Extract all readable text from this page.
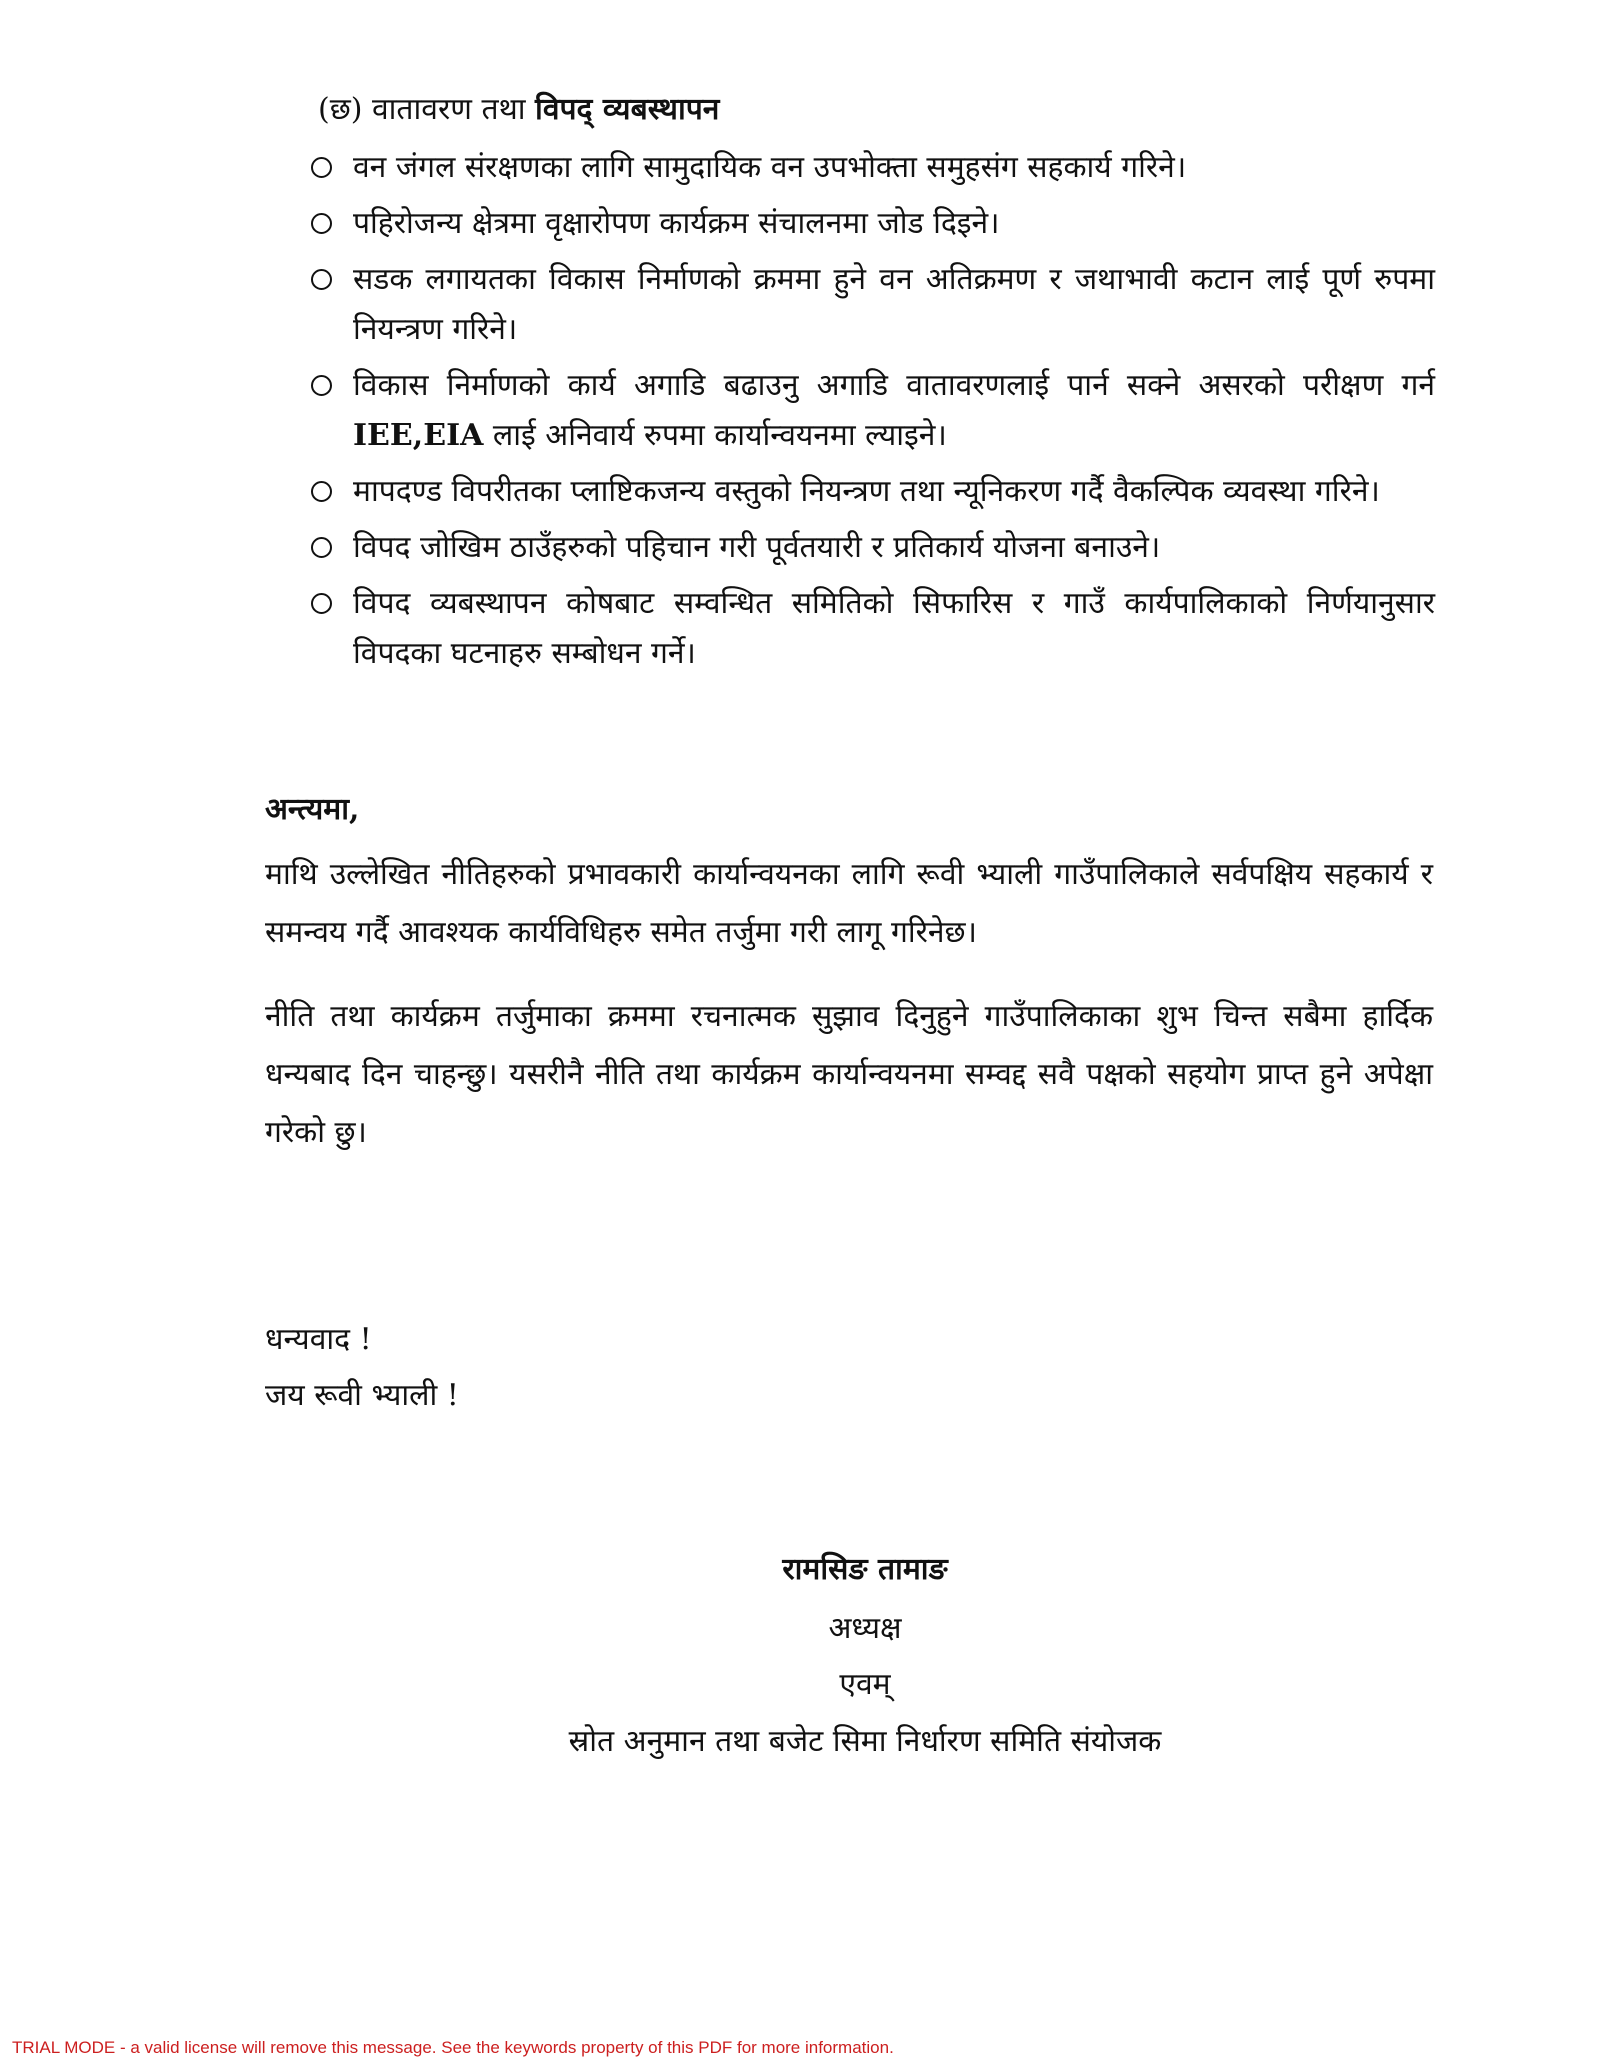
(छ) वातावरण तथा विपद् व्यबस्थापन
वन जंगल संरक्षणका लागि सामुदायिक वन उपभोक्ता समुहसंग सहकार्य गरिने।
पहिरोजन्य क्षेत्रमा वृक्षारोपण कार्यक्रम संचालनमा जोड दिइने।
सडक लगायतका विकास निर्माणको क्रममा हुने वन अतिक्रमण र जथाभावी कटान लाई पूर्ण रुपमा नियन्त्रण गरिने।
विकास निर्माणको कार्य अगाडि बढाउनु अगाडि वातावरणलाई पार्न सक्ने असरको परीक्षण गर्न IEE,EIA लाई अनिवार्य रुपमा कार्यान्वयनमा ल्याइने।
मापदण्ड विपरीतका प्लाष्टिकजन्य वस्तुको नियन्त्रण तथा न्यूनिकरण गर्दै वैकल्पिक व्यवस्था गरिने।
विपद जोखिम ठाउँहरुको पहिचान गरी पूर्वतयारी र प्रतिकार्य योजना बनाउने।
विपद व्यबस्थापन कोषबाट सम्वन्धित समितिको सिफारिस र गाउँ कार्यपालिकाको निर्णयानुसार विपदका घटनाहरु सम्बोधन गर्ने।
अन्त्यमा,

माथि उल्लेखित नीतिहरुको प्रभावकारी कार्यान्वयनका लागि रूवी भ्याली गाउँपालिकाले सर्वपक्षिय सहकार्य र समन्वय गर्दै आवश्यक कार्यविधिहरु समेत तर्जुमा गरी लागू गरिनेछ।

नीति तथा कार्यक्रम तर्जुमाका क्रममा रचनात्मक सुझाव दिनुहुने गाउँपालिकाका शुभ चिन्त सबैमा हार्दिक धन्यबाद दिन चाहन्छु। यसरीनै नीति तथा कार्यक्रम कार्यान्वयनमा सम्वद्द सवै पक्षको सहयोग प्राप्त हुने अपेक्षा गरेको छु।

धन्यवाद !
जय रूवी भ्याली !
रामसिङ तामाङ
अध्यक्ष
एवम्
स्रोत अनुमान तथा बजेट सिमा निर्धारण समिति संयोजक
TRIAL MODE - a valid license will remove this message. See the keywords property of this PDF for more information.
